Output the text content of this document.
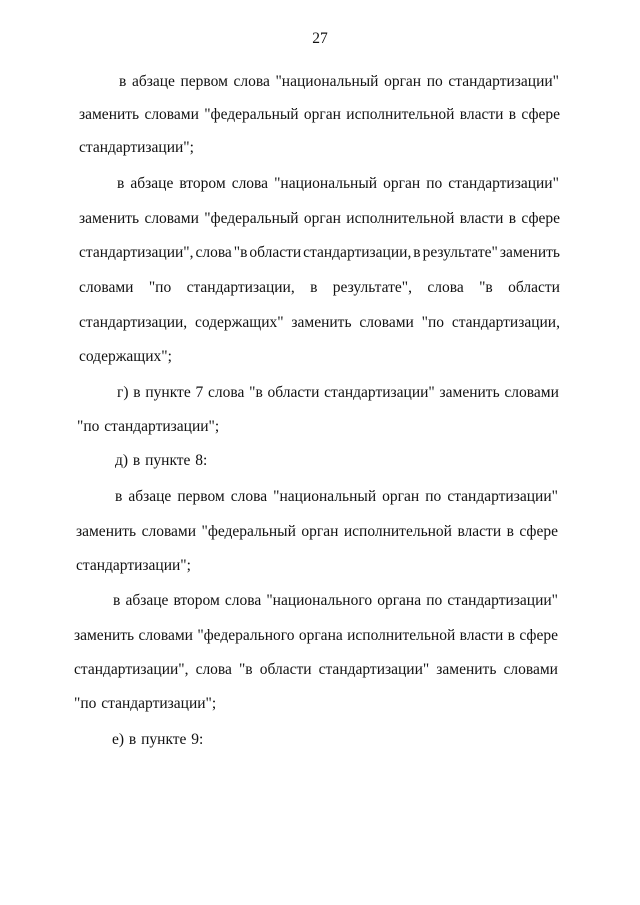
27
в абзаце первом слова "национальный орган по стандартизации"
заменить словами "федеральный орган исполнительной власти в сфере
стандартизации";
в абзаце втором слова "национальный орган по стандартизации"
заменить словами "федеральный орган исполнительной власти в сфере
стандартизации", слова "в области стандартизации, в результате" заменить
словами "по стандартизации, в результате", слова "в области
стандартизации, содержащих" заменить словами "по стандартизации,
содержащих";
г) в пункте 7 слова "в области стандартизации" заменить словами
"по стандартизации";
д) в пункте 8:
в абзаце первом слова "национальный орган по стандартизации"
заменить словами "федеральный орган исполнительной власти в сфере
стандартизации";
в абзаце втором слова "национального органа по стандартизации"
заменить словами "федерального органа исполнительной власти в сфере
стандартизации", слова "в области стандартизации" заменить словами
"по стандартизации";
е) в пункте 9:
